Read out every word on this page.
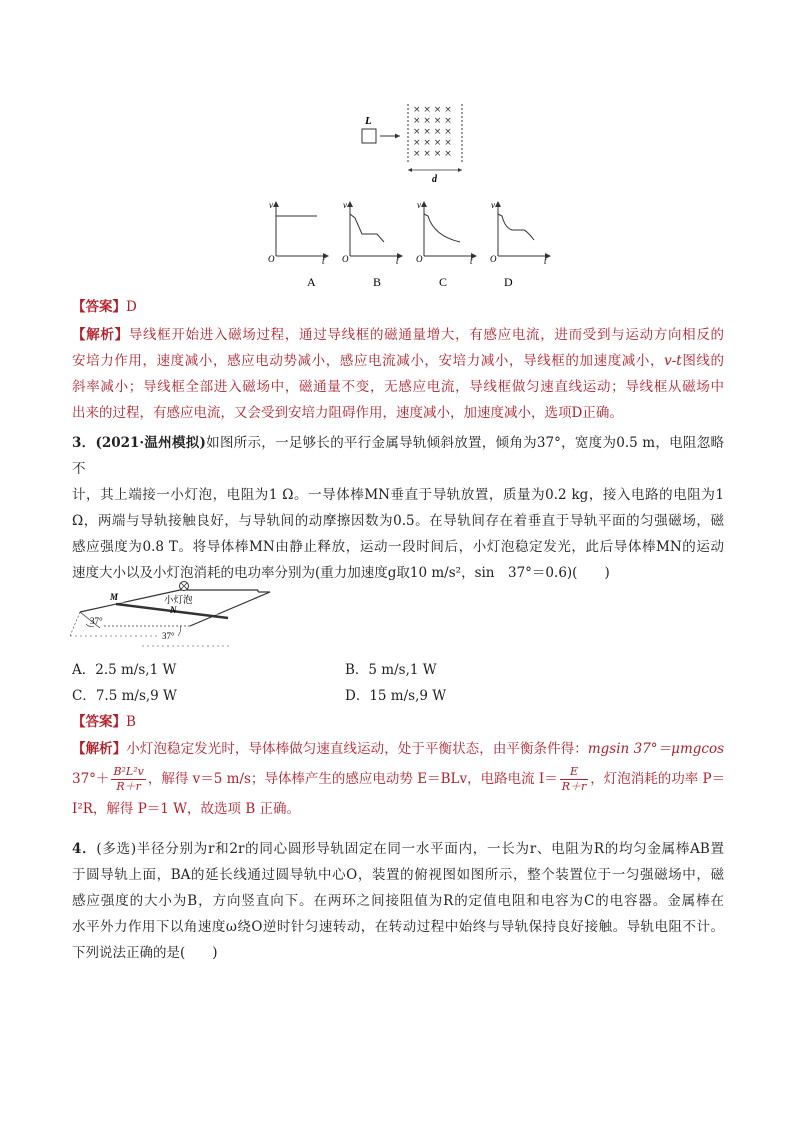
L
× × × ×
× × × ×
× × × ×
× × × ×
× × × ×
d
v
t
O
v
t
O
v
t
O
v
t
O
A	B	C	D
【答案】D
【解析】导线框开始进入磁场过程，通过导线框的磁通量增大，有感应电流，进而受到与运动方向相反的
安培力作用，速度减小，感应电动势减小，感应电流减小，安培力减小，导线框的加速度减小，v-t图线的
斜率减小；导线框全部进入磁场中，磁通量不变，无感应电流，导线框做匀速直线运动；导线框从磁场中
出来的过程，有感应电流，又会受到安培力阻碍作用，速度减小，加速度减小，选项D正确。
3．(2021·温州模拟)如图所示，一足够长的平行金属导轨倾斜放置，倾角为37°，宽度为0.5 m，电阻忽略不
计，其上端接一小灯泡，电阻为1 Ω。一导体棒MN垂直于导轨放置，质量为0.2 kg，接入电路的电阻为1
Ω，两端与导轨接触良好，与导轨间的动摩擦因数为0.5。在导轨间存在着垂直于导轨平面的匀强磁场，磁
感应强度为0.8 T。将导体棒MN由静止释放，运动一段时间后，小灯泡稳定发光，此后导体棒MN的运动
速度大小以及小灯泡消耗的电功率分别为(重力加速度g取10 m/s²，sin　37°＝0.6)(　　)
小灯泡
M
N
37°
37°
A．2.5 m/s,1 W	B．5 m/s,1 W
C．7.5 m/s,9 W	D．15 m/s,9 W
【答案】B
【解析】小灯泡稳定发光时，导体棒做匀速直线运动，处于平衡状态，由平衡条件得：mgsin 37°＝μmgcos
$37^\circ+ \frac{\text{B²L²v}}{R+r}$ ，解得 v＝5 m/s；导体棒产生的感应电动势 E＝BLv，电路电流 $I= \frac{E}{R+r}$ ，灯泡消耗的功率 P＝
I²R，解得 P＝1 W，故选项 B 正确。
4．(多选)半径分别为r和2r的同心圆形导轨固定在同一水平面内，一长为r、电阻为R的均匀金属棒AB置
于圆导轨上面，BA的延长线通过圆导轨中心O，装置的俯视图如图所示，整个装置位于一匀强磁场中，磁
感应强度的大小为B，方向竖直向下。在两环之间接阻值为R的定值电阻和电容为C的电容器。金属棒在
水平外力作用下以角速度ω绕O逆时针匀速转动，在转动过程中始终与导轨保持良好接触。导轨电阻不计。
下列说法正确的是(　　)
